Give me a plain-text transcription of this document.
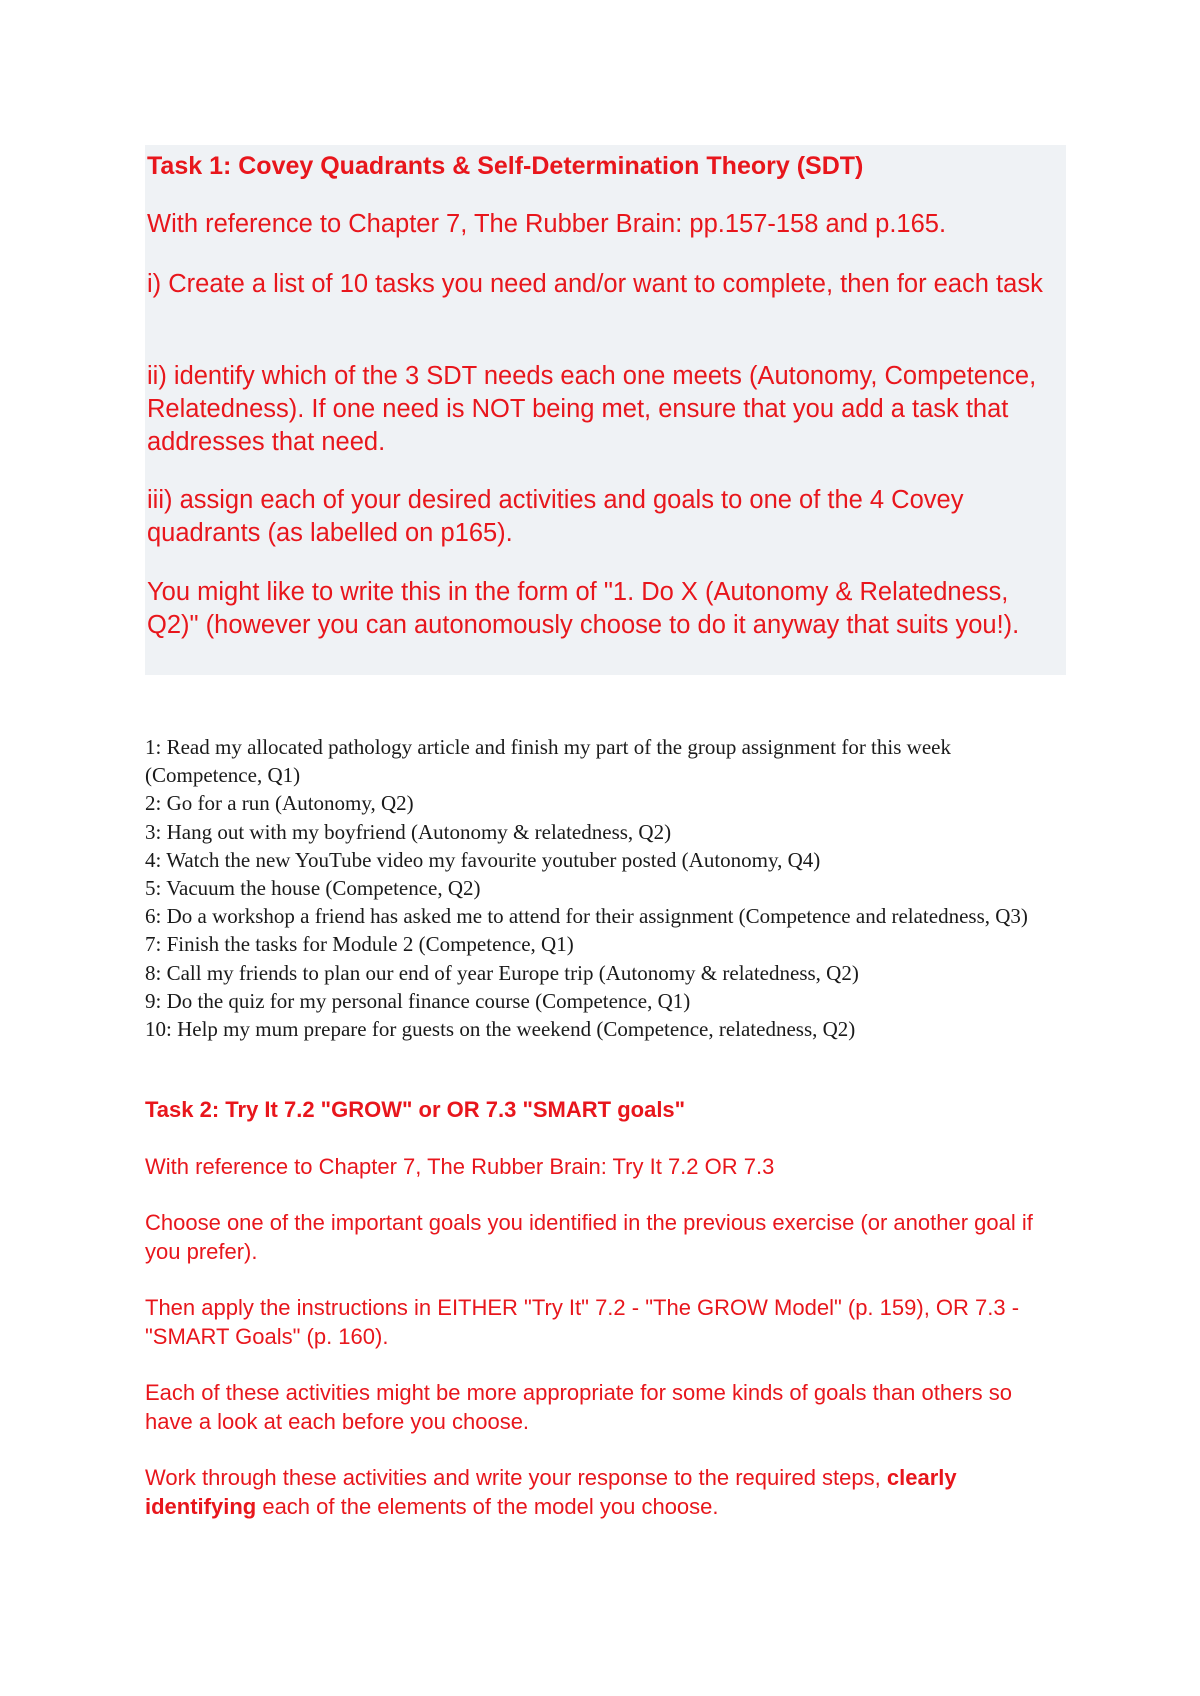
Task 1: Covey Quadrants & Self-Determination Theory (SDT)

With reference to Chapter 7, The Rubber Brain: pp.157-158 and p.165.

i) Create a list of 10 tasks you need and/or want to complete, then for each task

ii) identify which of the 3 SDT needs each one meets (Autonomy, Competence, Relatedness). If one need is NOT being met, ensure that you add a task that addresses that need.

iii) assign each of your desired activities and goals to one of the 4 Covey quadrants (as labelled on p165).

You might like to write this in the form of "1. Do X (Autonomy & Relatedness, Q2)" (however you can autonomously choose to do it anyway that suits you!).

1: Read my allocated pathology article and finish my part of the group assignment for this week (Competence, Q1)
2: Go for a run (Autonomy, Q2)
3: Hang out with my boyfriend (Autonomy & relatedness, Q2)
4: Watch the new YouTube video my favourite youtuber posted (Autonomy, Q4)
5: Vacuum the house (Competence, Q2)
6: Do a workshop a friend has asked me to attend for their assignment (Competence and relatedness, Q3)
7: Finish the tasks for Module 2 (Competence, Q1)
8: Call my friends to plan our end of year Europe trip (Autonomy & relatedness, Q2)
9: Do the quiz for my personal finance course (Competence, Q1)
10: Help my mum prepare for guests on the weekend (Competence, relatedness, Q2)

Task 2: Try It 7.2 "GROW" or OR 7.3 "SMART goals"

With reference to Chapter 7, The Rubber Brain: Try It 7.2 OR 7.3

Choose one of the important goals you identified in the previous exercise (or another goal if you prefer).

Then apply the instructions in EITHER "Try It" 7.2 - "The GROW Model" (p. 159), OR 7.3 - "SMART Goals" (p. 160).

Each of these activities might be more appropriate for some kinds of goals than others so have a look at each before you choose.

Work through these activities and write your response to the required steps, clearly identifying each of the elements of the model you choose.
